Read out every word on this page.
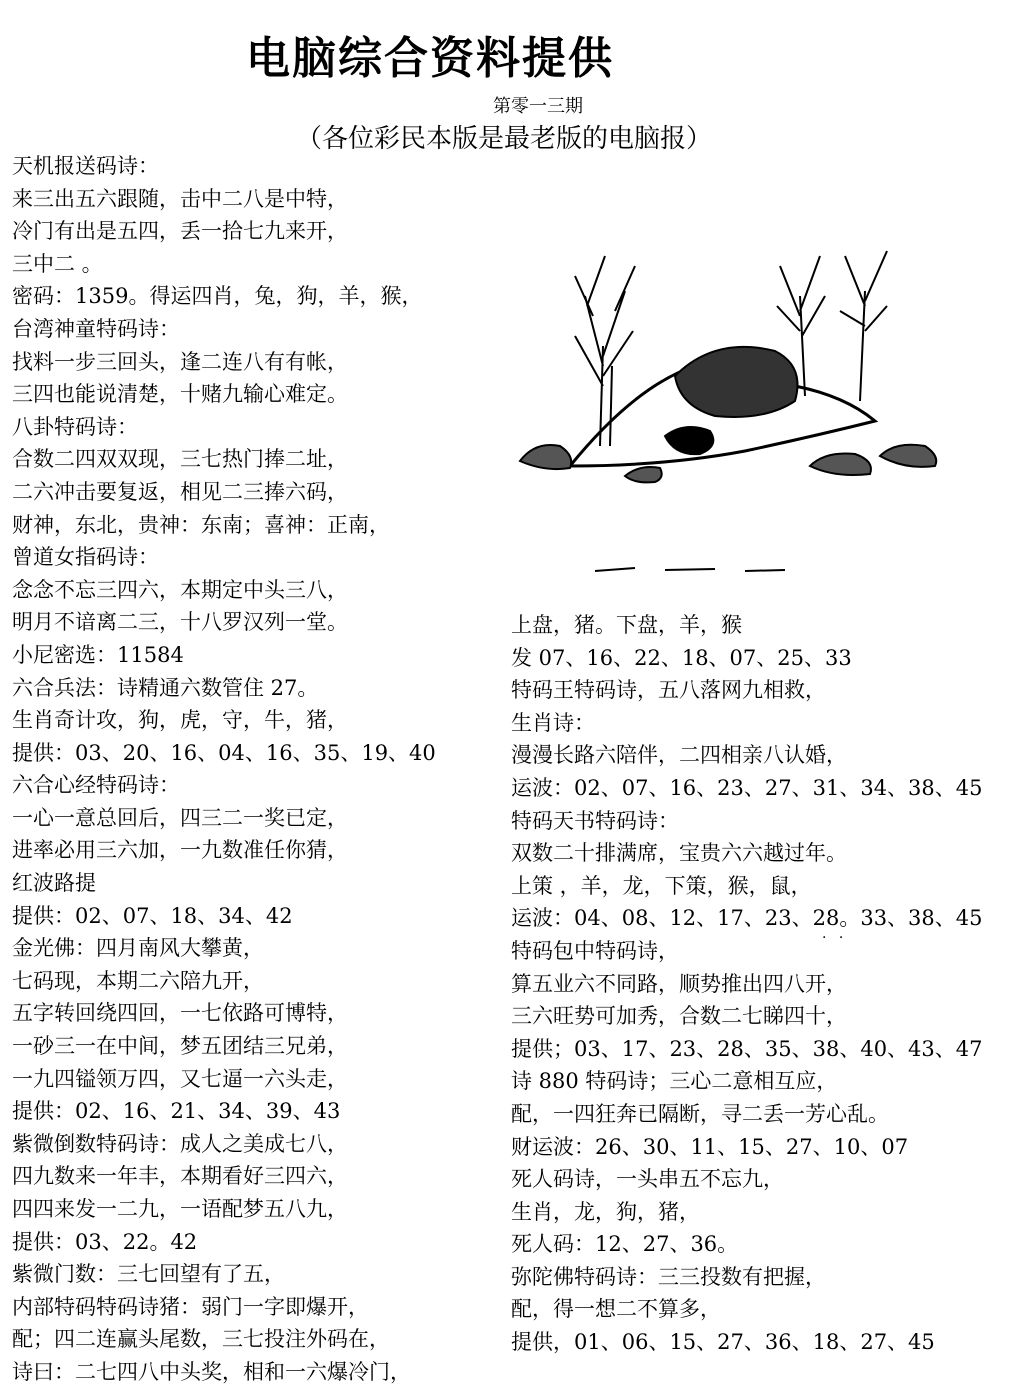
电脑综合资料提供
第零一三期
（各位彩民本版是最老版的电脑报）
天机报送码诗：
来三出五六跟随，击中二八是中特，
冷门有出是五四，丢一拾七九来开，
三中二 。
密码：1359。得运四肖，兔，狗，羊，猴，
台湾神童特码诗：
找料一步三回头，逢二连八有有帐，
三四也能说清楚，十赌九输心难定。
八卦特码诗：
合数二四双双现，三七热门捧二址，
二六冲击要复返，相见二三捧六码，
财神，东北，贵神：东南；喜神：正南，
曾道女指码诗：
念念不忘三四六，本期定中头三八，
明月不谙离二三，十八罗汉列一堂。
小尼密选：11584
六合兵法：诗精通六数管住 27。
生肖奇计攻，狗，虎，守，牛，猪，
提供：03、20、16、04、16、35、19、40
六合心经特码诗：
一心一意总回后，四三二一奖已定，
进率必用三六加，一九数准任你猜，
红波路提
提供：02、07、18、34、42
金光佛：四月南风大攀黄，
七码现，本期二六陪九开，
五字转回绕四回，一七依路可博特，
一砂三一在中间，梦五团结三兄弟，
一九四镒领万四，又七逼一六头走，
提供：02、16、21、34、39、43
紫微倒数特码诗：成人之美成七八，
四九数来一年丰，本期看好三四六，
四四来发一二九，一语配梦五八九，
提供：03、22。42
紫微门数：三七回望有了五，
内部特码特码诗猪：弱门一字即爆开，
配；四二连赢头尾数，三七投注外码在，
诗曰：二七四八中头奖，相和一六爆冷门，
上盘，猪。下盘，羊，猴
发 07、16、22、18、07、25、33
特码王特码诗，五八落网九相救，
生肖诗：
漫漫长路六陪伴，二四相亲八认婚，
运波：02、07、16、23、27、31、34、38、45
特码天书特码诗：
双数二十排满席，宝贵六六越过年。
上策 ，羊，龙，下策，猴，鼠，
运波：04、08、12、17、23、28。33、38、45
特码包中特码诗，
算五业六不同路，顺势推出四八开，
三六旺势可加秀，合数二七睇四十，
提供；03、17、23、28、35、38、40、43、47
诗 880 特码诗；三心二意相互应，
配，一四狂奔已隔断，寻二丢一芳心乱。
财运波：26、30、11、15、27、10、07
死人码诗，一头串五不忘九，
生肖，龙，狗，猪，
死人码：12、27、36。
弥陀佛特码诗：三三投数有把握，
配，得一想二不算多，
提供，01、06、15、27、36、18、27、45
· ·
